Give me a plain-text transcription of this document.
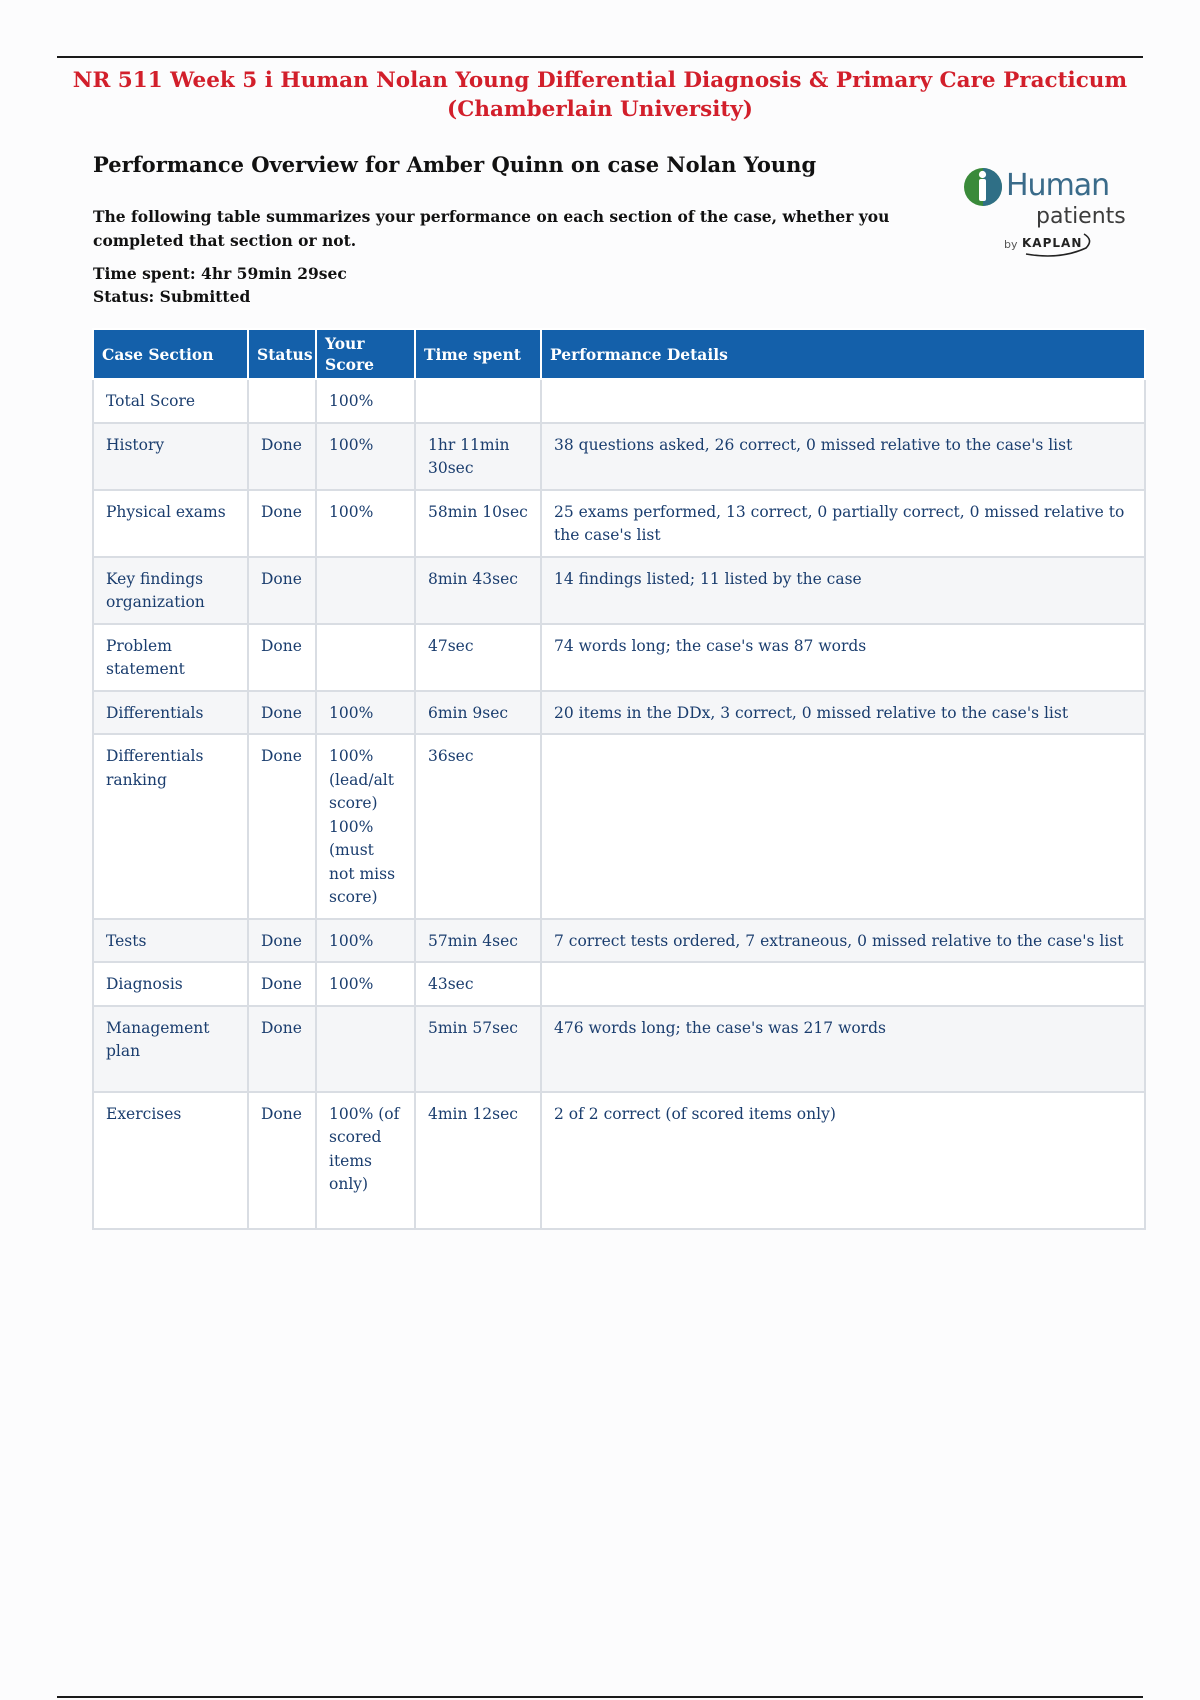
NR 511 Week 5 i Human Nolan Young Differential Diagnosis & Primary Care Practicum
(Chamberlain University)
Performance Overview for Amber Quinn on case Nolan Young
The following table summarizes your performance on each section of the case, whether you completed that section or not.
Time spent: 4hr 59min 29sec
Status: Submitted
Human
patients
by KAPLAN
Case Section	Status	Your Score	Time spent	Performance Details
Total Score		100%		
History	Done	100%	1hr 11min 30sec	38 questions asked, 26 correct, 0 missed relative to the case's list
Physical exams	Done	100%	58min 10sec	25 exams performed, 13 correct, 0 partially correct, 0 missed relative to the case's list
Key findings organization	Done		8min 43sec	14 findings listed; 11 listed by the case
Problem statement	Done		47sec	74 words long; the case's was 87 words
Differentials	Done	100%	6min 9sec	20 items in the DDx, 3 correct, 0 missed relative to the case's list
Differentials ranking	Done	100% (lead/alt score) 100% (must not miss score)	36sec	
Tests	Done	100%	57min 4sec	7 correct tests ordered, 7 extraneous, 0 missed relative to the case's list
Diagnosis	Done	100%	43sec	
Management plan	Done		5min 57sec	476 words long; the case's was 217 words
Exercises	Done	100% (of scored items only)	4min 12sec	2 of 2 correct (of scored items only)
